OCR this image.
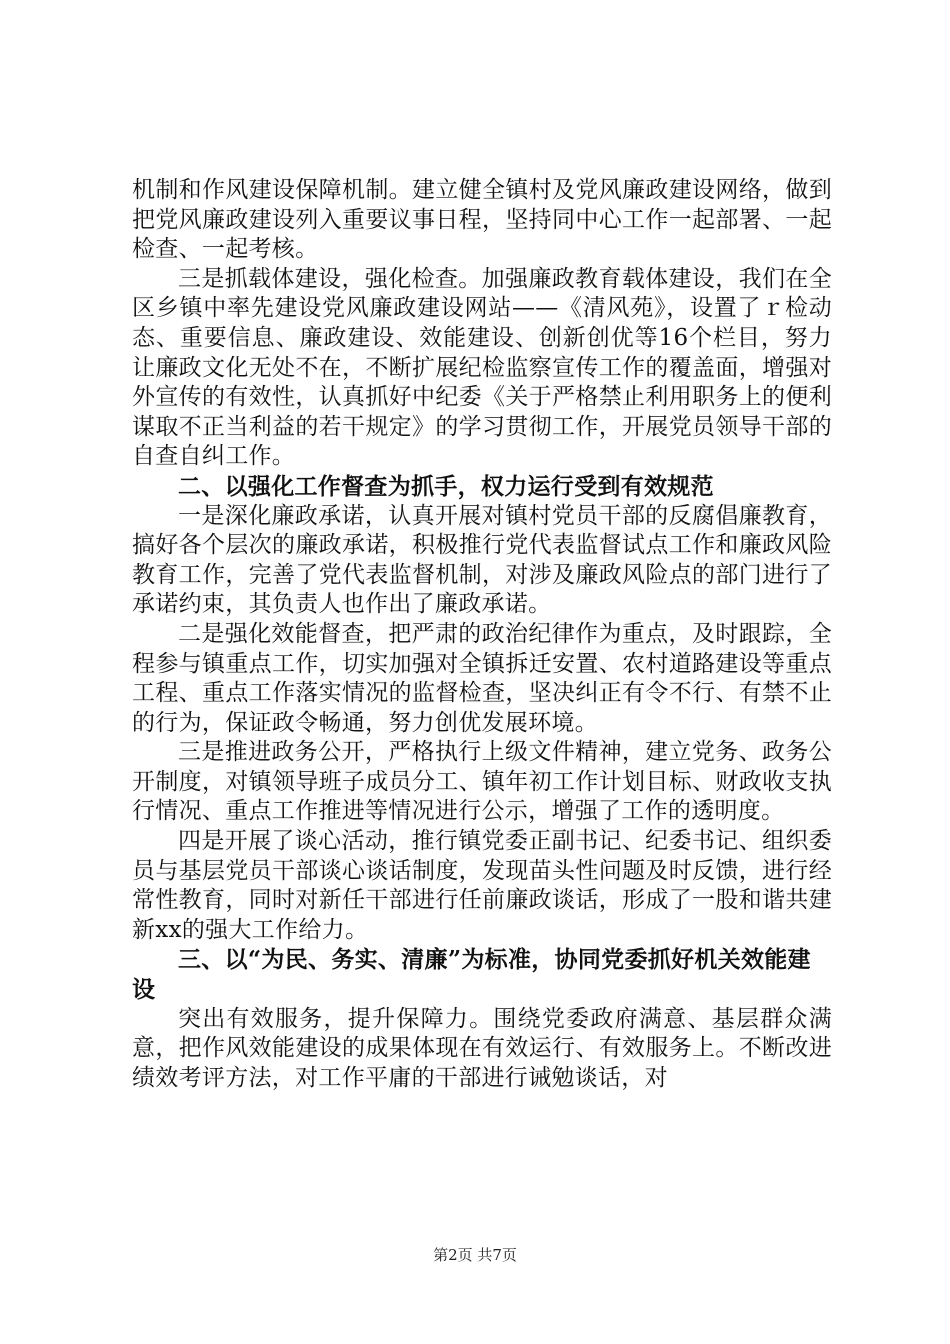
机制和作风建设保障机制。建立健全镇村及党风廉政建设网络，做到把党风廉政建设列入重要议事日程，坚持同中心工作一起部署、一起检查、一起考核。

三是抓载体建设，强化检查。加强廉政教育载体建设，我们在全区乡镇中率先建设党风廉政建设网站——《清风苑》，设置了ｒ检动态、重要信息、廉政建设、效能建设、创新创优等16个栏目，努力让廉政文化无处不在，不断扩展纪检监察宣传工作的覆盖面，增强对外宣传的有效性，认真抓好中纪委《关于严格禁止利用职务上的便利谋取不正当利益的若干规定》的学习贯彻工作，开展党员领导干部的自查自纠工作。

二、以强化工作督查为抓手，权力运行受到有效规范

一是深化廉政承诺，认真开展对镇村党员干部的反腐倡廉教育，搞好各个层次的廉政承诺，积极推行党代表监督试点工作和廉政风险教育工作，完善了党代表监督机制，对涉及廉政风险点的部门进行了承诺约束，其负责人也作出了廉政承诺。

二是强化效能督查，把严肃的政治纪律作为重点，及时跟踪，全程参与镇重点工作，切实加强对全镇拆迁安置、农村道路建设等重点工程、重点工作落实情况的监督检查，坚决纠正有令不行、有禁不止的行为，保证政令畅通，努力创优发展环境。

三是推进政务公开，严格执行上级文件精神，建立党务、政务公开制度，对镇领导班子成员分工、镇年初工作计划目标、财政收支执行情况、重点工作推进等情况进行公示，增强了工作的透明度。

四是开展了谈心活动，推行镇党委正副书记、纪委书记、组织委员与基层党员干部谈心谈话制度，发现苗头性问题及时反馈，进行经常性教育，同时对新任干部进行任前廉政谈话，形成了一股和谐共建新xx的强大工作给力。

三、以“为民、务实、清廉”为标准，协同党委抓好机关效能建设

突出有效服务，提升保障力。围绕党委政府满意、基层群众满意，把作风效能建设的成果体现在有效运行、有效服务上。不断改进绩效考评方法，对工作平庸的干部进行诫勉谈话，对

第2页 共7页
